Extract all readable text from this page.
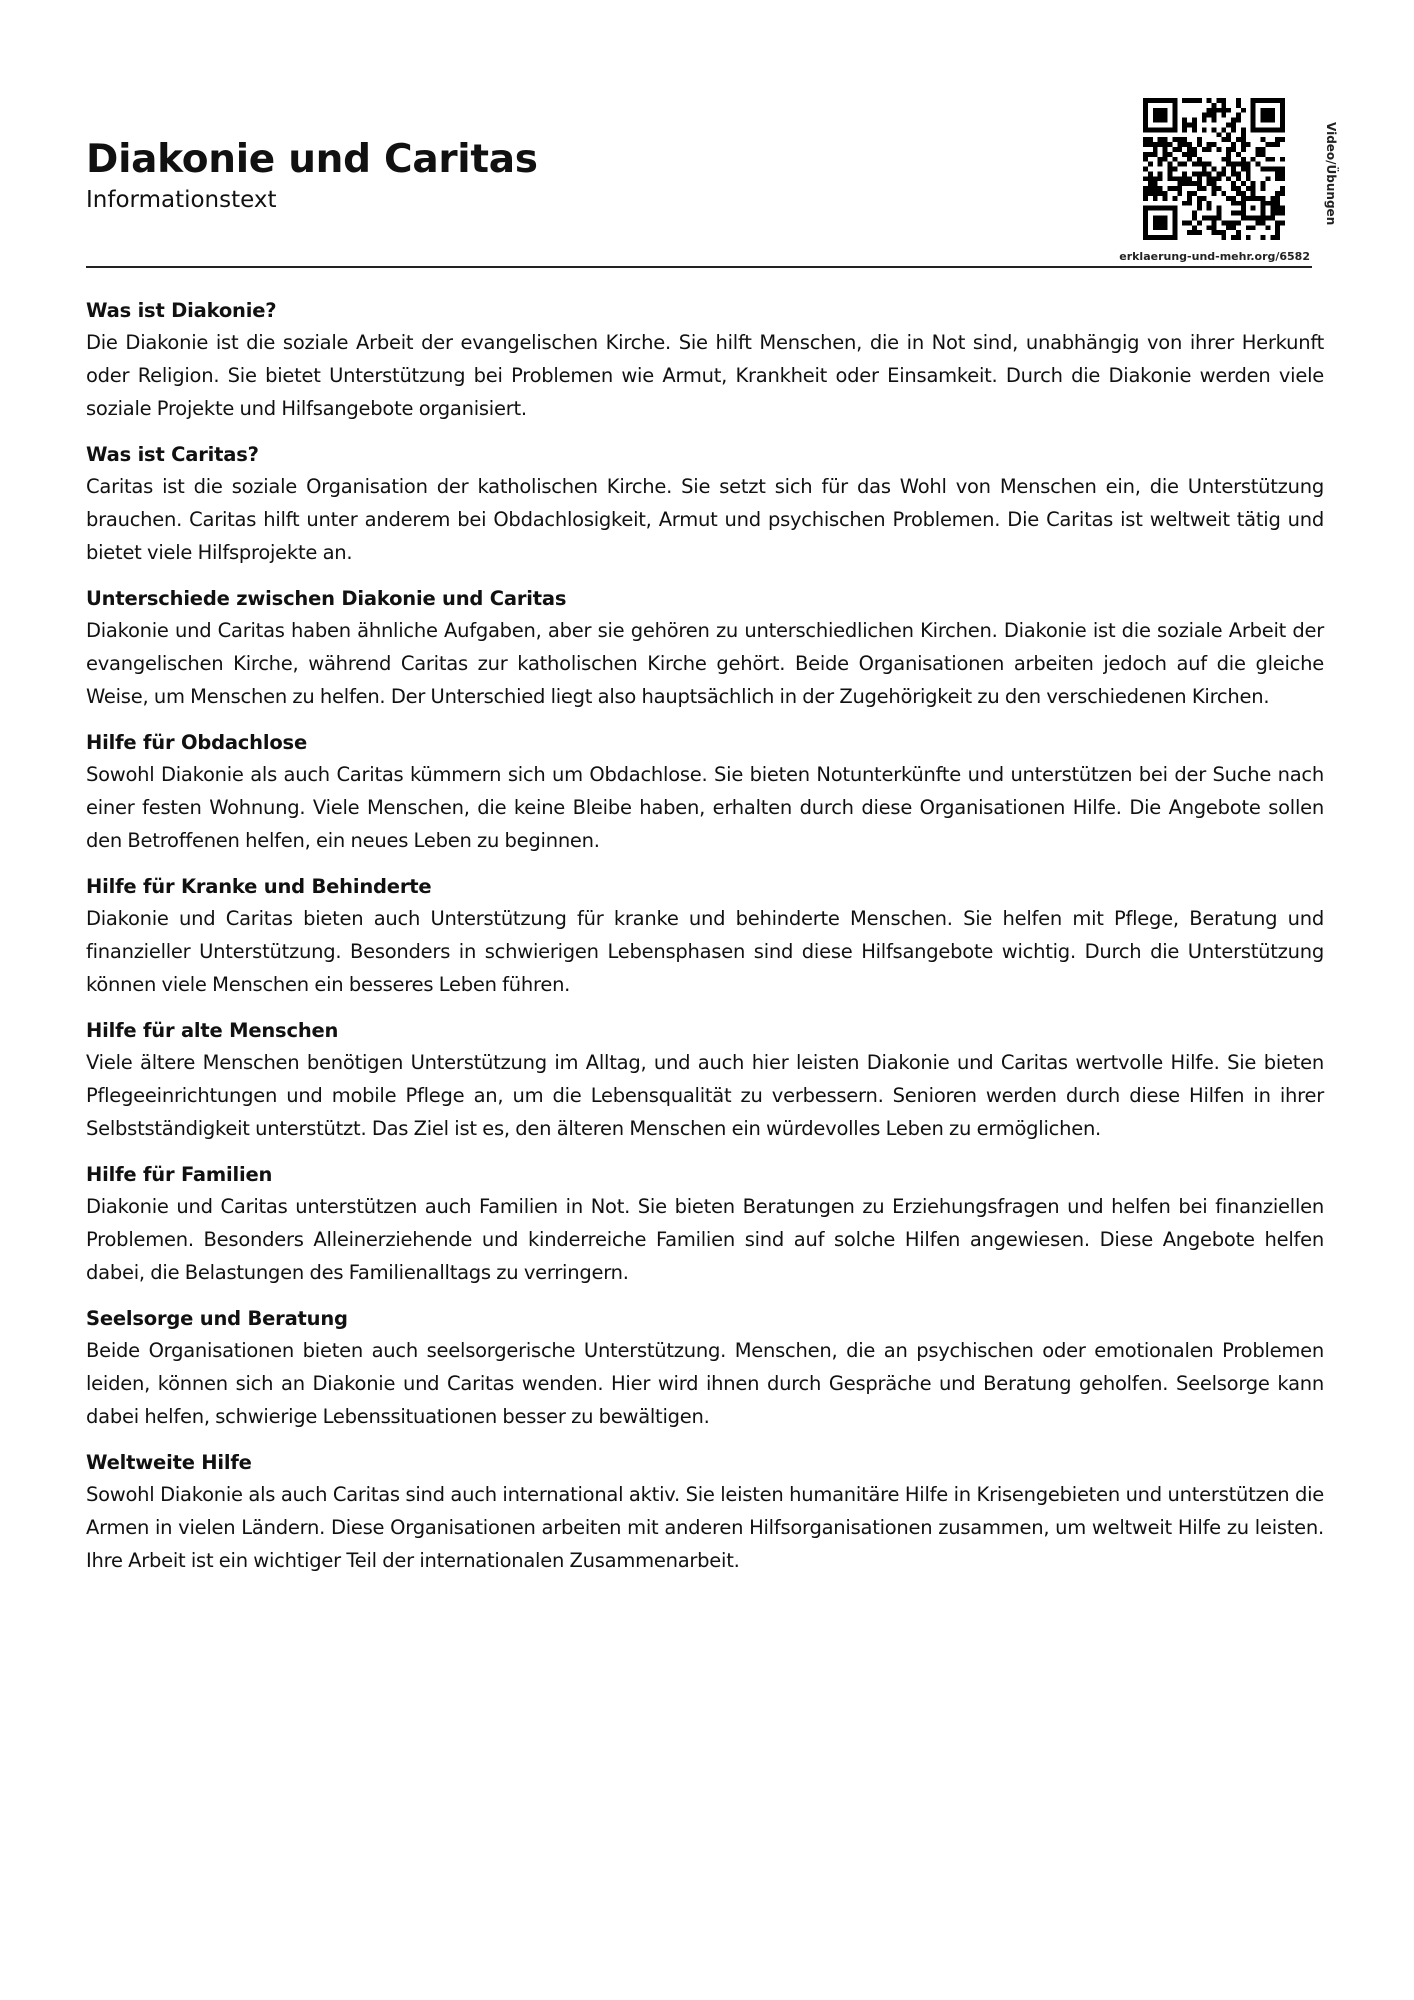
Diakonie und Caritas
Informationstext	Video/Übungen
erklaerung-und-mehr.org/6582
Was ist Diakonie?

Die Diakonie ist die soziale Arbeit der evangelischen Kirche. Sie hilft Menschen, die in Not sind, unabhängig von ihrer Herkunft oder Religion. Sie bietet Unterstützung bei Problemen wie Armut, Krankheit oder Einsamkeit. Durch die Diakonie werden viele soziale Projekte und Hilfsangebote organisiert.

Was ist Caritas?

Caritas ist die soziale Organisation der katholischen Kirche. Sie setzt sich für das Wohl von Menschen ein, die Unterstützung brauchen. Caritas hilft unter anderem bei Obdachlosigkeit, Armut und psychischen Problemen. Die Caritas ist weltweit tätig und bietet viele Hilfsprojekte an.

Unterschiede zwischen Diakonie und Caritas

Diakonie und Caritas haben ähnliche Aufgaben, aber sie gehören zu unterschiedlichen Kirchen. Diakonie ist die soziale Arbeit der evangelischen Kirche, während Caritas zur katholischen Kirche gehört. Beide Organisationen arbeiten jedoch auf die gleiche Weise, um Menschen zu helfen. Der Unterschied liegt also hauptsächlich in der Zugehörigkeit zu den verschiedenen Kirchen.

Hilfe für Obdachlose

Sowohl Diakonie als auch Caritas kümmern sich um Obdachlose. Sie bieten Notunterkünfte und unterstützen bei der Suche nach einer festen Wohnung. Viele Menschen, die keine Bleibe haben, erhalten durch diese Organisationen Hilfe. Die Angebote sollen den Betroffenen helfen, ein neues Leben zu beginnen.

Hilfe für Kranke und Behinderte

Diakonie und Caritas bieten auch Unterstützung für kranke und behinderte Menschen. Sie helfen mit Pflege, Beratung und finanzieller Unterstützung. Besonders in schwierigen Lebensphasen sind diese Hilfsangebote wichtig. Durch die Unterstützung können viele Menschen ein besseres Leben führen.

Hilfe für alte Menschen

Viele ältere Menschen benötigen Unterstützung im Alltag, und auch hier leisten Diakonie und Caritas wertvolle Hilfe. Sie bieten Pflegeeinrichtungen und mobile Pflege an, um die Lebensqualität zu verbessern. Senioren werden durch diese Hilfen in ihrer Selbstständigkeit unterstützt. Das Ziel ist es, den älteren Menschen ein würdevolles Leben zu ermöglichen.

Hilfe für Familien

Diakonie und Caritas unterstützen auch Familien in Not. Sie bieten Beratungen zu Erziehungsfragen und helfen bei finanziellen Problemen. Besonders Alleinerziehende und kinderreiche Familien sind auf solche Hilfen angewiesen. Diese Angebote helfen dabei, die Belastungen des Familienalltags zu verringern.

Seelsorge und Beratung

Beide Organisationen bieten auch seelsorgerische Unterstützung. Menschen, die an psychischen oder emotionalen Problemen leiden, können sich an Diakonie und Caritas wenden. Hier wird ihnen durch Gespräche und Beratung geholfen. Seelsorge kann dabei helfen, schwierige Lebenssituationen besser zu bewältigen.

Weltweite Hilfe

Sowohl Diakonie als auch Caritas sind auch international aktiv. Sie leisten humanitäre Hilfe in Krisengebieten und unterstützen die Armen in vielen Ländern. Diese Organisationen arbeiten mit anderen Hilfsorganisationen zusammen, um weltweit Hilfe zu leisten. Ihre Arbeit ist ein wichtiger Teil der internationalen Zusammenarbeit.
